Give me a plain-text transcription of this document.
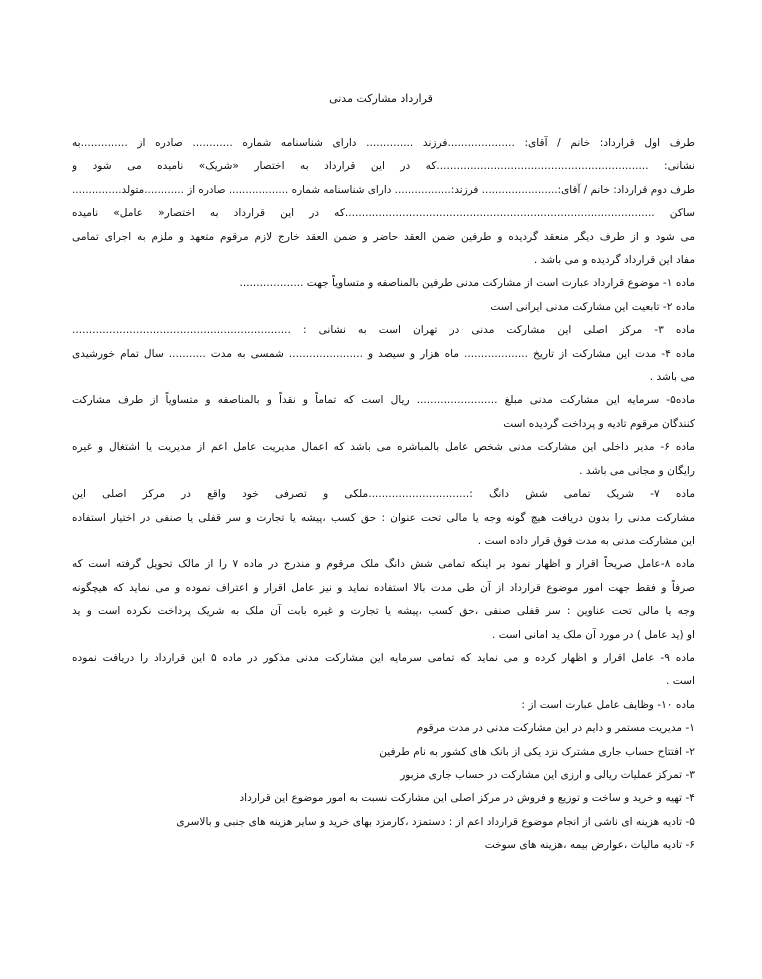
قرارداد مشارکت مدنی
طرف اول قرارداد: خانم / آقای: ....................فرزند .............. دارای شناسنامه شماره ............ صادره از ..............به
نشانی: ...............................................................که در این قرارداد به اختصار «شریک» نامیده می شود و
طرف دوم قرارداد: خانم / آقای:....................... فرزند:................. دارای شناسنامه شماره .................. صادره از ............متولد...............
ساکن ............................................................................................که در این قرارداد به اختصار« عامل» نامیده
می شود و از طرف دیگر منعقد گردیده و طرفین ضمن العقد حاضر و ضمن العقد خارج لازم مرقوم متعهد و ملزم به اجرای تمامی
مفاد این قرارداد گردیده و می باشد .
ماده ۱- موضوع قرارداد عبارت است از مشارکت مدنی طرفین بالمناصفه و متساویاً جهت ...................
ماده ۲- تابعیت این مشارکت مدنی ایرانی است
ماده ۳- مرکز اصلی این مشارکت مدنی در تهران است به نشانی : .................................................................
ماده ۴- مدت این مشارکت از تاریخ ................... ماه هزار و سیصد و ...................... شمسی به مدت ........... سال تمام خورشیدی
می باشد .
ماده۵- سرمایه این مشارکت مدنی مبلغ ........................ ریال است که تماماً و نقداً و بالمناصفه و متساویاً از طرف مشارکت
کنندگان مرقوم تادیه و پرداخت گردیده است
ماده ۶- مدیر داخلی این مشارکت مدنی شخص عامل بالمباشره می باشد که اعمال مدیریت عامل اعم از مدیریت یا اشتغال و غیره
رایگان و مجانی می باشد .
ماده ۷- شریک تمامی شش دانگ :..............................ملکی و تصرفی خود واقع در مرکز اصلی این
مشارکت مدنی را بدون دریافت هیچ گونه وجه یا مالی تحت عنوان : حق کسب ،پیشه یا تجارت و سر قفلی یا صنفی در اختیار استفاده
این مشارکت مدنی به مدت فوق قرار داده است .
ماده ۸-عامل صریحاً اقرار و اظهار نمود بر اینکه تمامی شش دانگ ملک مرقوم و مندرج در ماده ۷ را از مالک تحویل گرفته است که
صرفاً و فقط جهت امور موضوع قرارداد از آن طی مدت بالا استفاده نماید و نیز عامل اقرار و اعتراف نموده و می نماید که هیچگونه
وجه یا مالی تحت عناوین : سر قفلی صنفی ،حق کسب ،پیشه یا تجارت و غیره بابت آن ملک به شریک پرداخت نکرده است و ید
او (ید عامل ) در مورد آن ملک ید امانی است .
ماده ۹- عامل اقرار و اظهار کرده و می نماید که تمامی سرمایه این مشارکت مدنی مذکور در ماده ۵ این قرارداد را دریافت نموده
است .
ماده ۱۰- وظایف عامل عبارت است از :
۱- مدیریت مستمر و دایم در این مشارکت مدنی در مدت مرقوم
۲- افتتاح حساب جاری مشترک نزد یکی از بانک های کشور به نام طرفین
۳- تمرکز عملیات ریالی و ارزی این مشارکت در حساب جاری مزبور
۴- تهیه و خرید و ساخت و توزیع و فروش در مرکز اصلی این مشارکت نسبت به امور موضوع این قرارداد
۵- تادیه هزینه ای ناشی از انجام موضوع قرارداد اعم از : دستمزد ،کارمزد بهای خرید و سایر هزینه های جنبی و بالاسری
۶- تادیه مالیات ،عوارض بیمه ،هزینه های سوخت
